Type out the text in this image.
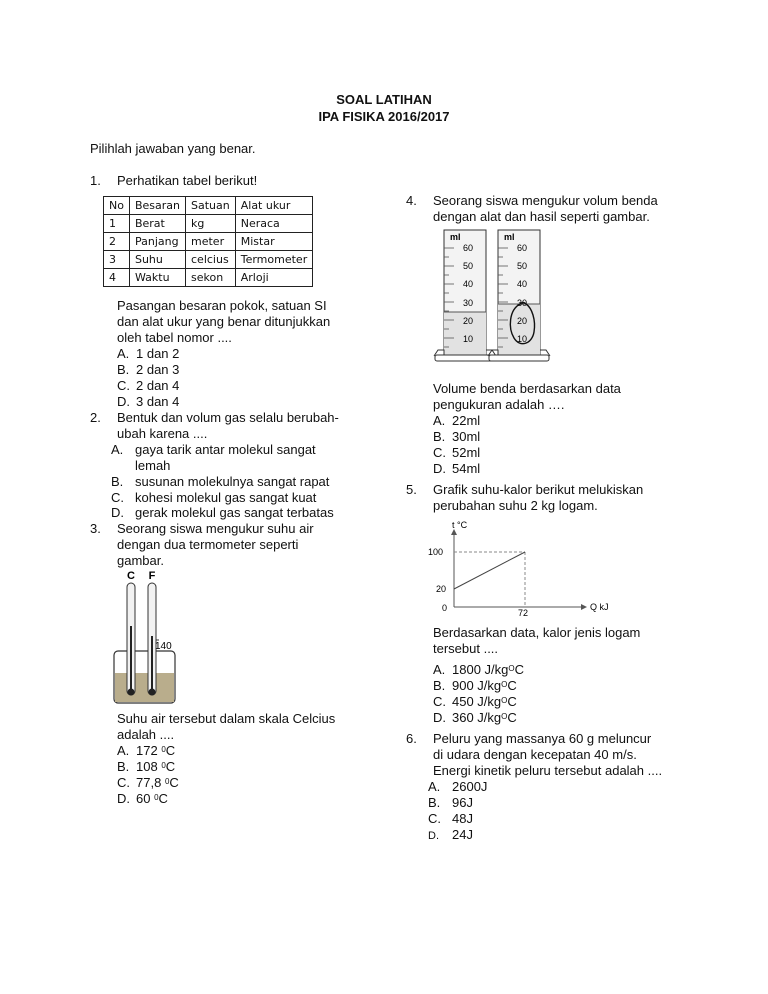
SOAL LATIHAN
IPA FISIKA 2016/2017
Pilihlah jawaban yang benar.
1. Perhatikan tabel berikut!
No	Besaran	Satuan	Alat ukur
1	Berat	kg	Neraca
2	Panjang	meter	Mistar
3	Suhu	celcius	Termometer
4	Waktu	sekon	Arloji
Pasangan besaran pokok, satuan SI
dan alat ukur yang benar ditunjukkan
oleh tabel nomor ....
A. 1 dan 2
B. 2 dan 3
C. 2 dan 4
D. 3 dan 4
2. Bentuk dan volum gas selalu berubah-
ubah karena ....
A. gaya tarik antar molekul sangat
lemah
B. susunan molekulnya sangat rapat
C. kohesi molekul gas sangat kuat
D. gerak molekul gas sangat terbatas
3. Seorang siswa mengukur suhu air
dengan dua termometer seperti
gambar.
C F
140
Suhu air tersebut dalam skala Celcius
adalah ....
A. 172 $^0$C
B. 108 $^0$C
C. 77,8 $^0$C
D. 60 $^0$C
4. Seorang siswa mengukur volum benda
dengan alat dan hasil seperti gambar.
ml
60
50
40
30
20
10
ml
60
50
40
30
20
10
Volume benda berdasarkan data
pengukuran adalah ….
A. 22ml
B. 30ml
C. 52ml
D. 54ml
5. Grafik suhu-kalor berikut melukiskan
perubahan suhu 2 kg logam.
t °C
Q kJ
100
20
0	72
Berdasarkan data, kalor jenis logam
tersebut ....
A. 1800 $J/kg^OC$
B. 900 $J/kg^OC$
C. 450 $J/kg^OC$
D. 360 $J/kg^OC$
6. Peluru yang massanya 60 g meluncur
di udara dengan kecepatan 40 m/s.
Energi kinetik peluru tersebut adalah ....
A. 2600J
B. 96J
C. 48J
D. 24J
